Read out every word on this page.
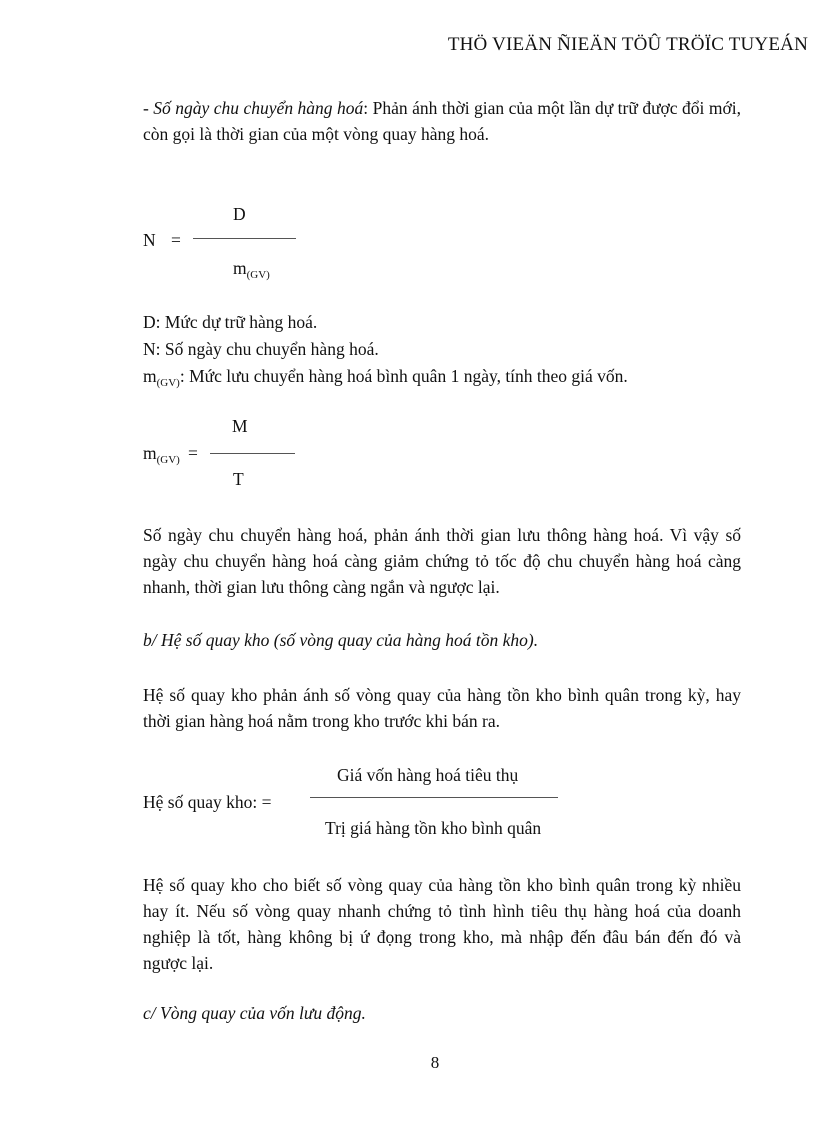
THÖ VIEÄN ÑIEÄN TÖÛ TRÖÏC TUYEÁN

- Số ngày chu chuyển hàng hoá: Phản ánh thời gian của một lần dự trữ được đổi mới, còn gọi là thời gian của một vòng quay hàng hoá.

N =
D
$m_{(GV)}$
D: Mức dự trữ hàng hoá.
N: Số ngày chu chuyển hàng hoá.
$m_{(GV)}$: Mức lưu chuyển hàng hoá bình quân 1 ngày, tính theo giá vốn.
$m_{(GV)}$ =
M
T

Số ngày chu chuyển hàng hoá, phản ánh thời gian lưu thông hàng hoá. Vì vậy số ngày chu chuyển hàng hoá càng giảm chứng tỏ tốc độ chu chuyển hàng hoá càng nhanh, thời gian lưu thông càng ngắn và ngược lại.

b/ Hệ số quay kho (số vòng quay của hàng hoá tồn kho).

Hệ số quay kho phản ánh số vòng quay của hàng tồn kho bình quân trong kỳ, hay thời gian hàng hoá nằm trong kho trước khi bán ra.

Hệ số quay kho: =
Giá vốn hàng hoá tiêu thụ
Trị giá hàng tồn kho bình quân

Hệ số quay kho cho biết số vòng quay của hàng tồn kho bình quân trong kỳ nhiều hay ít. Nếu số vòng quay nhanh chứng tỏ tình hình tiêu thụ hàng hoá của doanh nghiệp là tốt, hàng không bị ứ đọng trong kho, mà nhập đến đâu bán đến đó và ngược lại.

c/ Vòng quay của vốn lưu động.
8
